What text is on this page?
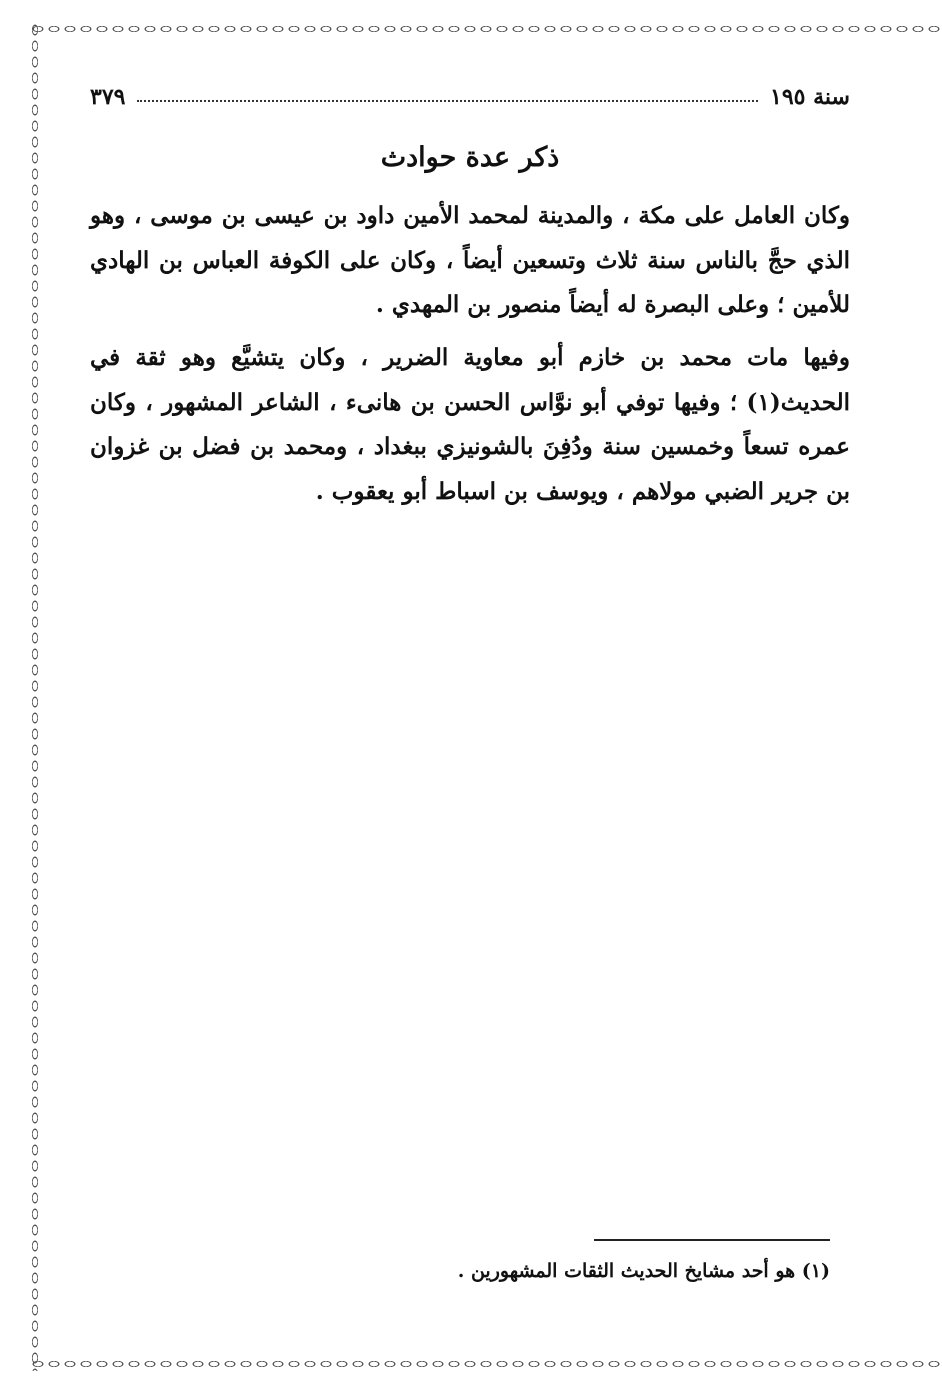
سنة ١٩٥
٣٧٩
ذكر عدة حوادث

وكان العامل على مكة ، والمدينة لمحمد الأمين داود بن عيسى بن موسى ، وهو الذي حجَّ بالناس سنة ثلاث وتسعين أيضاً ، وكان على الكوفة العباس بن الهادي للأمين ؛ وعلى البصرة له أيضاً منصور بن المهدي .

وفيها مات محمد بن خازم أبو معاوية الضرير ، وكان يتشيَّع وهو ثقة في الحديث(١) ؛ وفيها توفي أبو نوَّاس الحسن بن هانىء ، الشاعر المشهور ، وكان عمره تسعاً وخمسين سنة ودُفِنَ بالشونيزي ببغداد ، ومحمد بن فضل بن غزوان بن جرير الضبي مولاهم ، ويوسف بن اسباط أبو يعقوب .

(١) هو أحد مشايخ الحديث الثقات المشهورين .
